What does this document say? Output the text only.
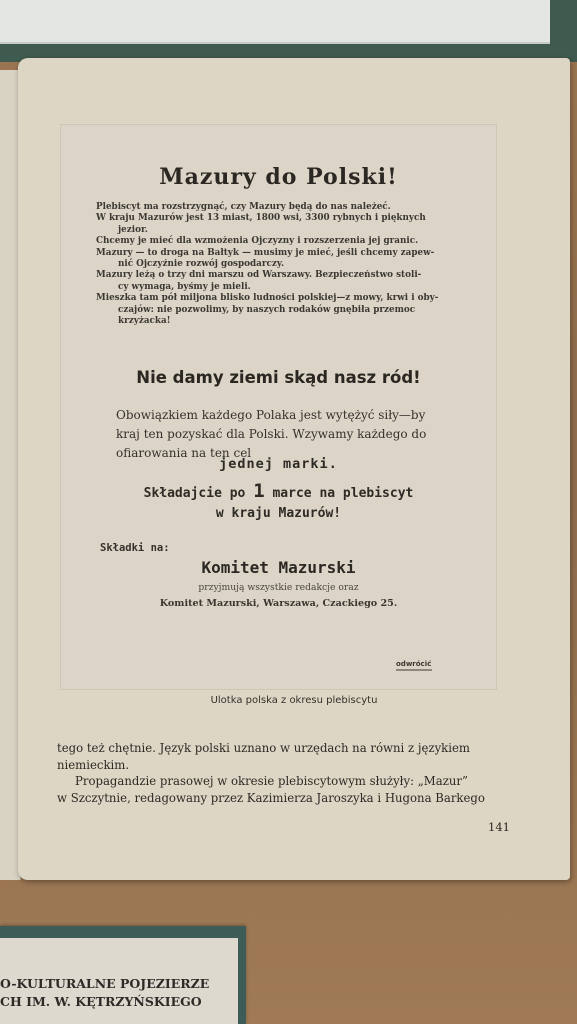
Mazury do Polski!

Plebiscyt ma rozstrzygnąć, czy Mazury będą do nas należeć.

W kraju Mazurów jest 13 miast, 1800 wsi, 3300 rybnych i pięknych

jezior.

Chcemy je mieć dla wzmożenia Ojczyzny i rozszerzenia jej granic.

Mazury — to droga na Bałtyk — musimy je mieć, jeśli chcemy zapew-

nić Ojczyźnie rozwój gospodarczy.

Mazury leżą o trzy dni marszu od Warszawy. Bezpieczeństwo stoli-

cy wymaga, byśmy je mieli.

Mieszka tam pół miljona blisko ludności polskiej—z mowy, krwi i oby-

czajów: nie pozwolimy, by naszych rodaków gnębiła przemoc

krzyżacka!

Nie damy ziemi skąd nasz ród!

Obowiązkiem każdego Polaka jest wytężyć siły—by

kraj ten pozyskać dla Polski. Wzywamy każdego do

ofiarowania na ten cel

jednej marki.
Składajcie po 1 marce na plebiscyt
w kraju Mazurów!
Składki na:
Komitet Mazurski
przyjmują wszystkie redakcje oraz
Komitet Mazurski, Warszawa, Czackiego 25.
odwrócić
Ulotka polska z okresu plebiscytu

tego też chętnie. Język polski uznano w urzędach na równi z językiem

niemieckim.

Propagandzie prasowej w okresie plebiscytowym służyły: „Mazur”

w Szczytnie, redagowany przez Kazimierza Jaroszyka i Hugona Barkego

141
O-KULTURALNE POJEZIERZE
CH IM. W. KĘTRZYŃSKIEGO
